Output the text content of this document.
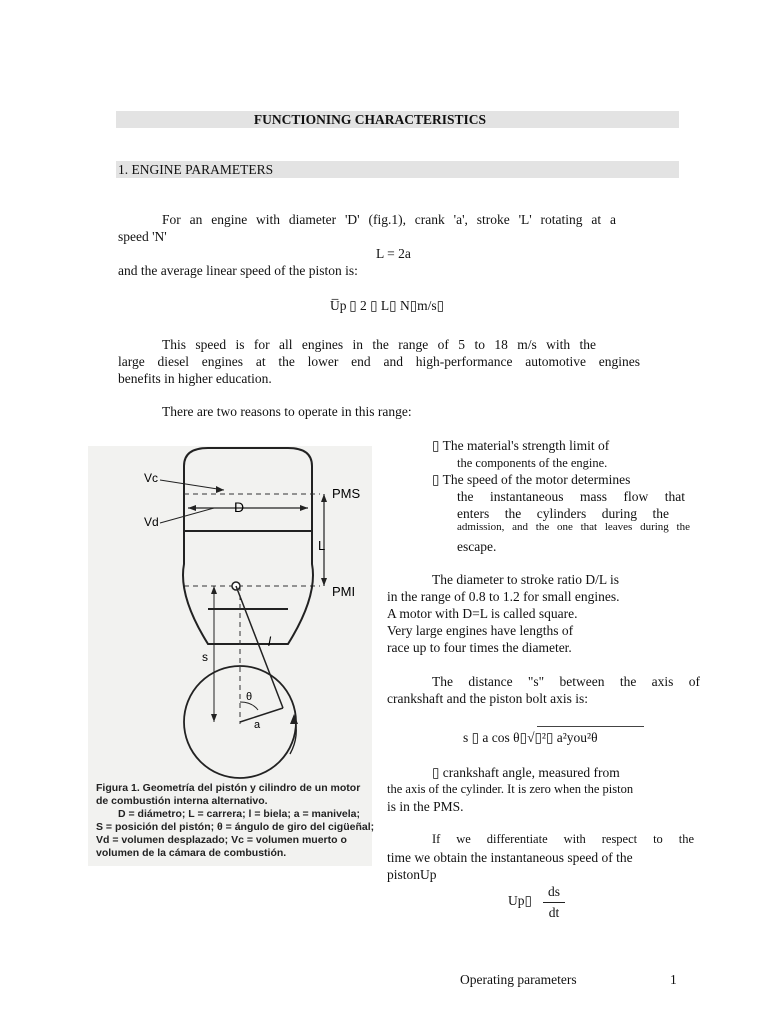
FUNCTIONING CHARACTERISTICS
1. ENGINE PARAMETERS
For an engine with diameter 'D' (fig.1), crank 'a', stroke 'L' rotating at a
speed 'N'
L = 2a
and the average linear speed of the piston is:
U̅p ▯ 2 ▯ L▯ N▯m/s▯
This speed is for all engines in the range of 5 to 18 m/s with the
large diesel engines at the lower end and high-performance automotive engines
benefits in higher education.
There are two reasons to operate in this range:
Vc
Vd
D
PMS
L
PMI
s
l
θ
a
Figura 1. Geometría del pistón y cilindro de un motor
de combustión interna alternativo.
D = diámetro; L = carrera; l = biela; a = manivela;
S = posición del pistón; θ = ángulo de giro del cigüeñal;
Vd = volumen desplazado; Vc = volumen muerto o
volumen de la cámara de combustión.
▯ The material's strength limit of
the components of the engine.
▯ The speed of the motor determines
the instantaneous mass flow that
enters the cylinders during the
admission, and the one that leaves during the
escape.
The diameter to stroke ratio D/L is
in the range of 0.8 to 1.2 for small engines.
A motor with D=L is called square.
Very large engines have lengths of
race up to four times the diameter.
The distance "s" between the axis of
crankshaft and the piston bolt axis is:
s ▯ a cos θ▯√▯²▯ a²you²θ
▯ crankshaft angle, measured from
the axis of the cylinder. It is zero when the piston
is in the PMS.
If we differentiate with respect to the
time we obtain the instantaneous speed of the
pistonUp
Up▯
ds
dt
Operating parameters	1
